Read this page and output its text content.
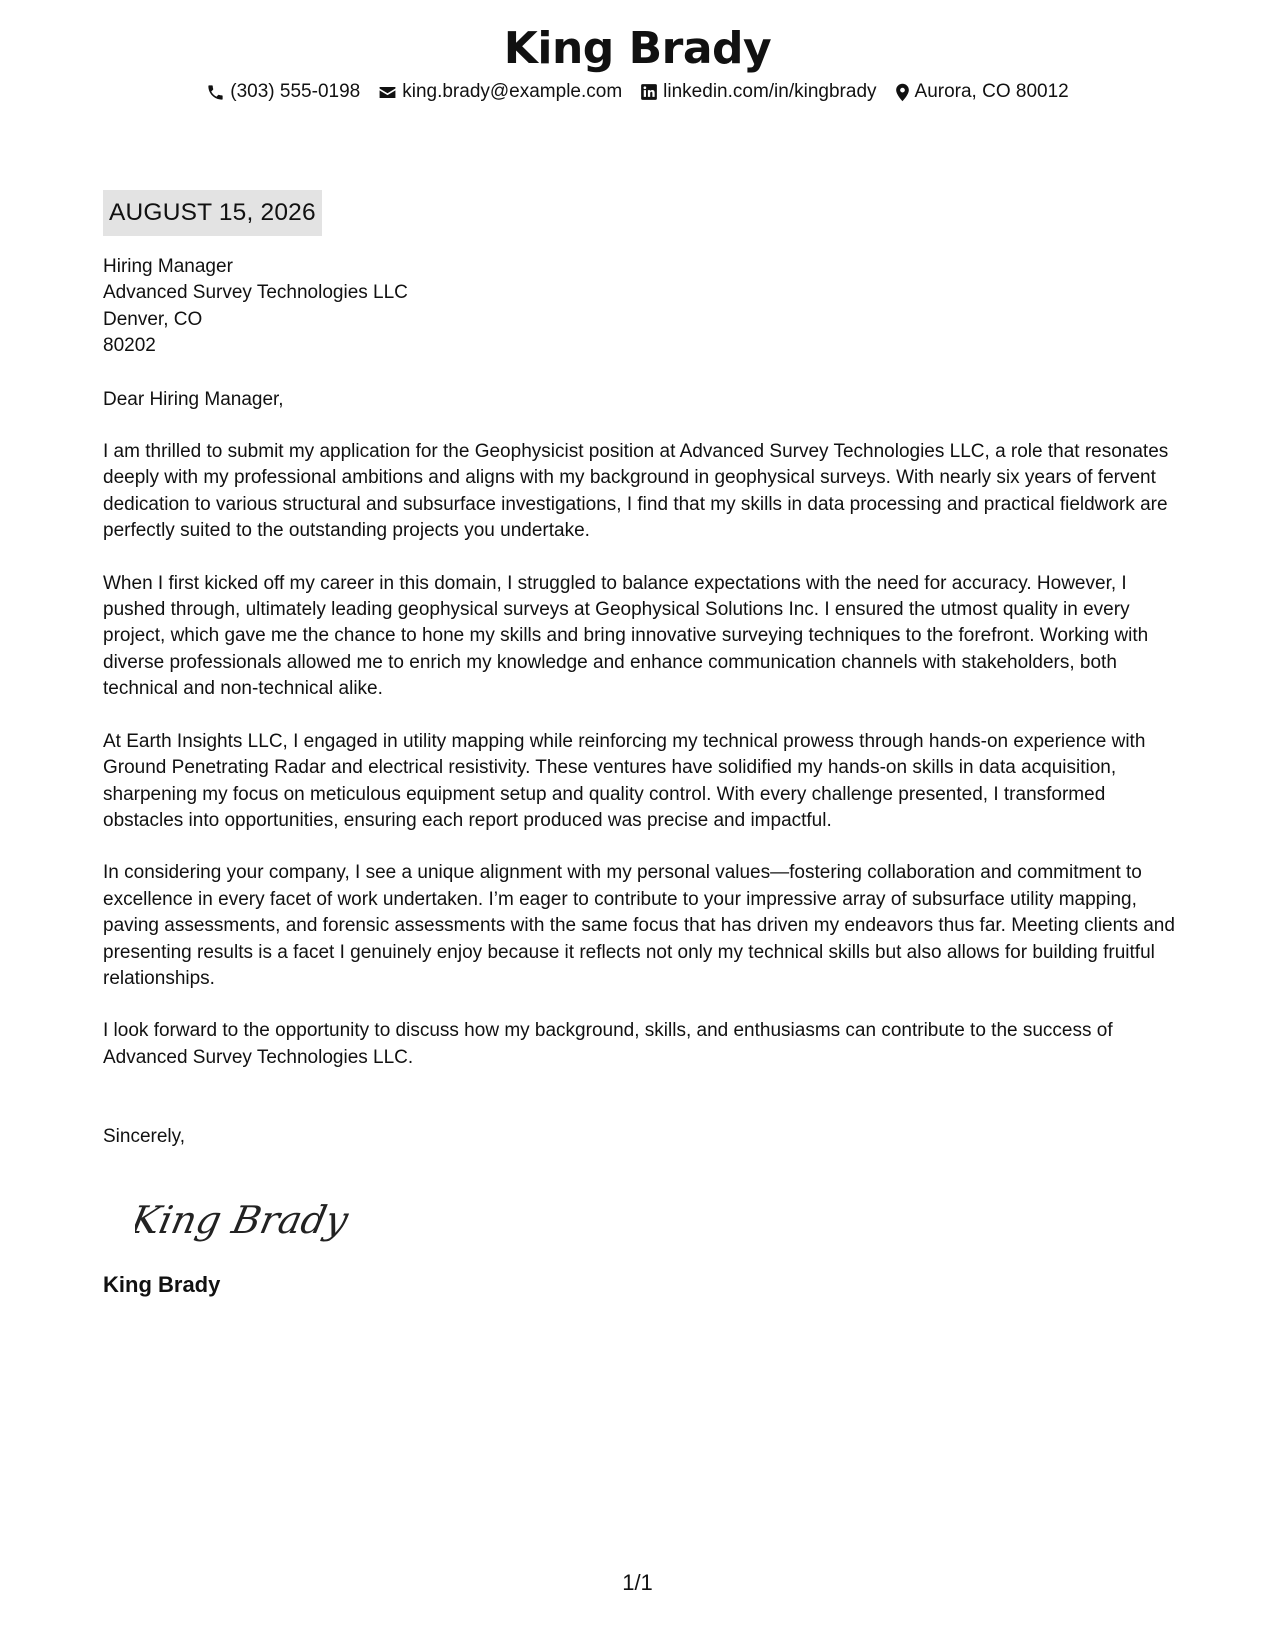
King Brady
(303) 555-0198 king.brady@example.com linkedin.com/in/kingbrady Aurora, CO 80012
AUGUST 15, 2026
Hiring Manager
Advanced Survey Technologies LLC
Denver, CO
80202
Dear Hiring Manager,

I am thrilled to submit my application for the Geophysicist position at Advanced Survey Technologies LLC, a role that resonates deeply with my professional ambitions and aligns with my background in geophysical surveys. With nearly six years of fervent dedication to various structural and subsurface investigations, I find that my skills in data processing and practical fieldwork are perfectly suited to the outstanding projects you undertake.

When I first kicked off my career in this domain, I struggled to balance expectations with the need for accuracy. However, I pushed through, ultimately leading geophysical surveys at Geophysical Solutions Inc. I ensured the utmost quality in every project, which gave me the chance to hone my skills and bring innovative surveying techniques to the forefront. Working with diverse professionals allowed me to enrich my knowledge and enhance communication channels with stakeholders, both technical and non-technical alike.

At Earth Insights LLC, I engaged in utility mapping while reinforcing my technical prowess through hands-on experience with Ground Penetrating Radar and electrical resistivity. These ventures have solidified my hands-on skills in data acquisition, sharpening my focus on meticulous equipment setup and quality control. With every challenge presented, I transformed obstacles into opportunities, ensuring each report produced was precise and impactful.

In considering your company, I see a unique alignment with my personal values—fostering collaboration and commitment to excellence in every facet of work undertaken. I’m eager to contribute to your impressive array of subsurface utility mapping, paving assessments, and forensic assessments with the same focus that has driven my endeavors thus far. Meeting clients and presenting results is a facet I genuinely enjoy because it reflects not only my technical skills but also allows for building fruitful relationships.

I look forward to the opportunity to discuss how my background, skills, and enthusiasms can contribute to the success of Advanced Survey Technologies LLC.

Sincerely,
King Brady
King Brady
1/1
